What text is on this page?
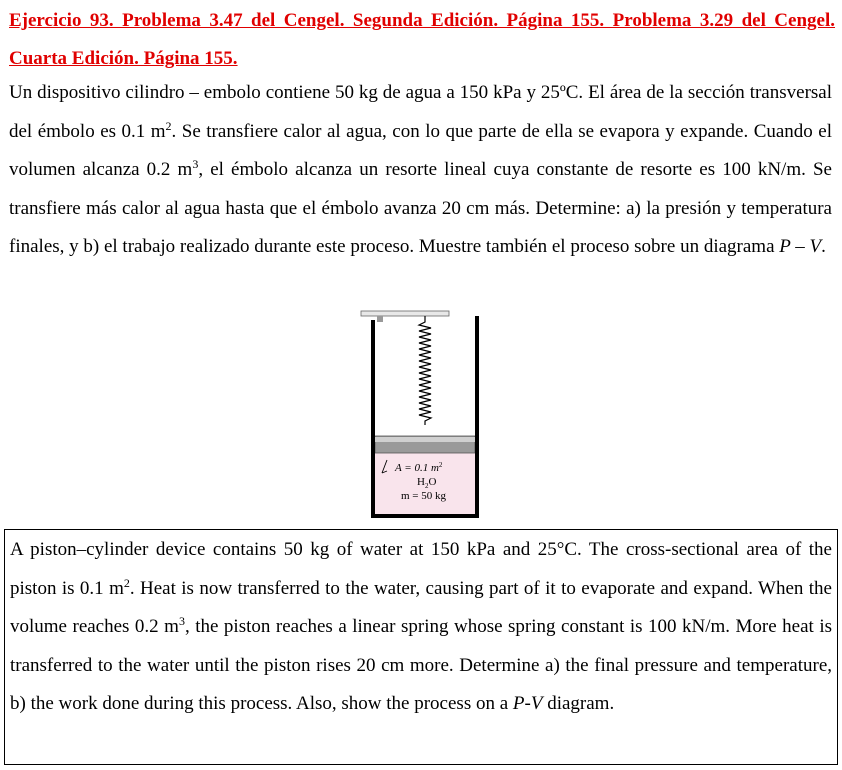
Ejercicio 93. Problema 3.47 del Cengel. Segunda Edición. Página 155. Problema 3.29 del Cengel. Cuarta Edición. Página 155.

Un dispositivo cilindro – embolo contiene 50 kg de agua a 150 kPa y 25ºC. El área de la sección transversal del émbolo es 0.1 $m^2$. Se transfiere calor al agua, con lo que parte de ella se evapora y expande. Cuando el volumen alcanza 0.2 $m^3$, el émbolo alcanza un resorte lineal cuya constante de resorte es 100 kN/m. Se transfiere más calor al agua hasta que el émbolo avanza 20 cm más. Determine: a) la presión y temperatura finales, y b) el trabajo realizado durante este proceso. Muestre también el proceso sobre un diagrama P – V.

A = 0.1 $m^2$
$H_2O$
m = 50 kg

A piston–cylinder device contains 50 kg of water at 150 kPa and 25°C. The cross-sectional area of the piston is 0.1 $m^2$. Heat is now transferred to the water, causing part of it to evaporate and expand. When the volume reaches 0.2 $m^3$, the piston reaches a linear spring whose spring constant is 100 kN/m. More heat is transferred to the water until the piston rises 20 cm more. Determine a) the final pressure and temperature, b) the work done during this process. Also, show the process on a P-V diagram.
